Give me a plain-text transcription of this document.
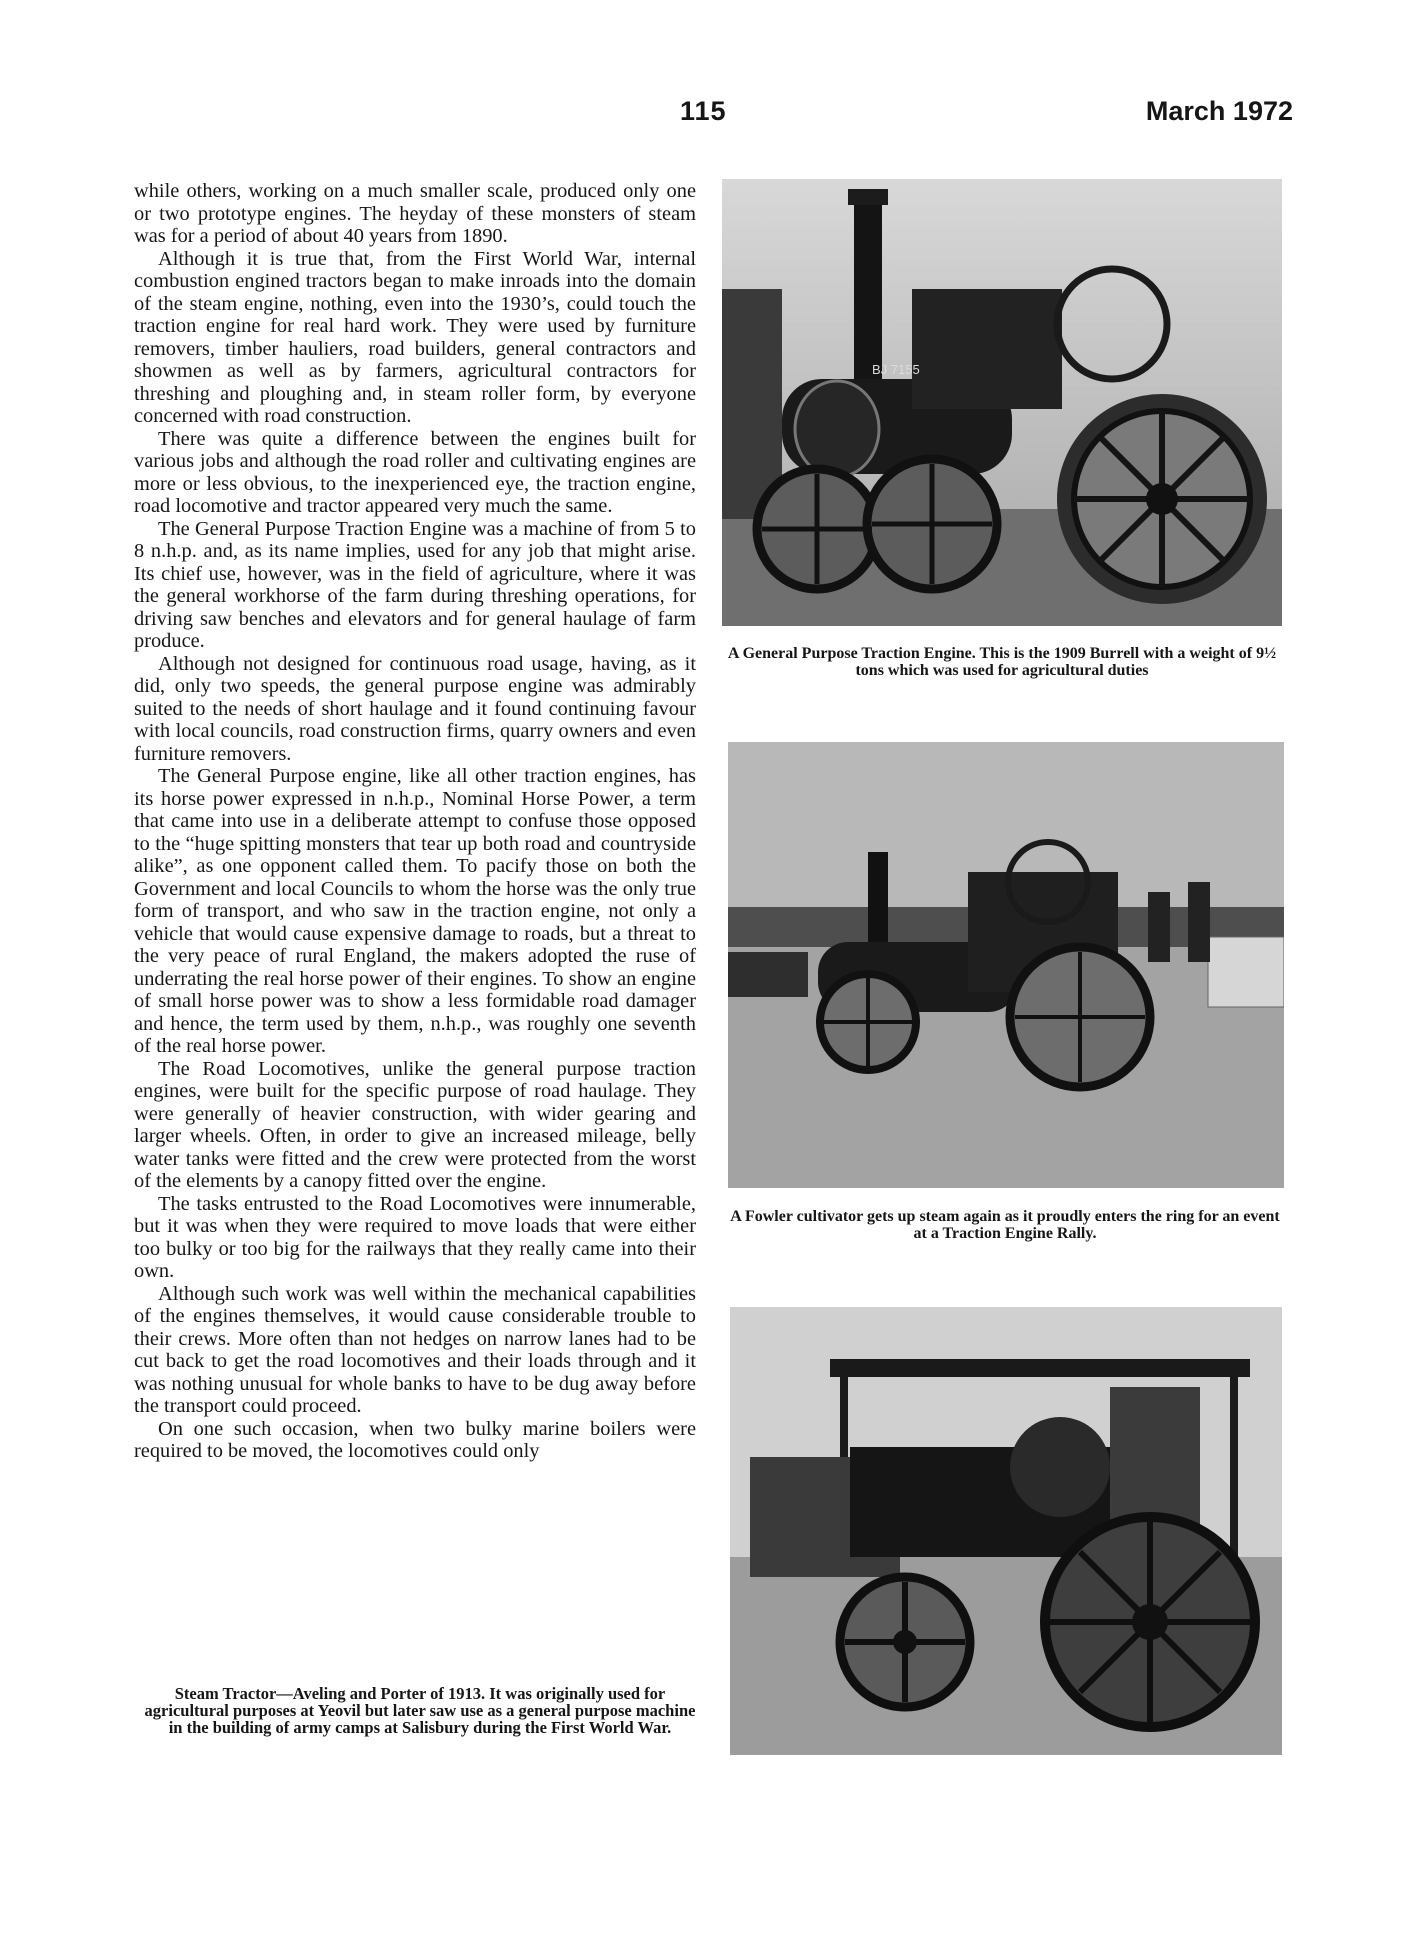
115	March 1972

while others, working on a much smaller scale, produced only one or two prototype engines. The heyday of these monsters of steam was for a period of about 40 years from 1890.

Although it is true that, from the First World War, internal combustion engined tractors began to make inroads into the domain of the steam engine, nothing, even into the 1930’s, could touch the traction engine for real hard work. They were used by furniture removers, timber hauliers, road builders, general contractors and showmen as well as by farmers, agricultural contractors for threshing and ploughing and, in steam roller form, by everyone concerned with road construction.

There was quite a difference between the engines built for various jobs and although the road roller and cultivating engines are more or less obvious, to the inexperienced eye, the traction engine, road locomotive and tractor appeared very much the same.

The General Purpose Traction Engine was a machine of from 5 to 8 n.h.p. and, as its name implies, used for any job that might arise. Its chief use, however, was in the field of agriculture, where it was the general workhorse of the farm during threshing operations, for driving saw benches and elevators and for general haulage of farm produce.

Although not designed for continuous road usage, having, as it did, only two speeds, the general purpose engine was admirably suited to the needs of short haulage and it found continuing favour with local councils, road construction firms, quarry owners and even furniture removers.

The General Purpose engine, like all other traction engines, has its horse power expressed in n.h.p., Nominal Horse Power, a term that came into use in a deliberate attempt to confuse those opposed to the “huge spitting monsters that tear up both road and countryside alike”, as one opponent called them. To pacify those on both the Government and local Councils to whom the horse was the only true form of transport, and who saw in the traction engine, not only a vehicle that would cause expensive damage to roads, but a threat to the very peace of rural England, the makers adopted the ruse of underrating the real horse power of their engines. To show an engine of small horse power was to show a less formidable road damager and hence, the term used by them, n.h.p., was roughly one seventh of the real horse power.

The Road Locomotives, unlike the general purpose traction engines, were built for the specific purpose of road haulage. They were generally of heavier construction, with wider gearing and larger wheels. Often, in order to give an increased mileage, belly water tanks were fitted and the crew were protected from the worst of the elements by a canopy fitted over the engine.

The tasks entrusted to the Road Locomotives were innumerable, but it was when they were required to move loads that were either too bulky or too big for the railways that they really came into their own.

Although such work was well within the mechanical capabilities of the engines themselves, it would cause considerable trouble to their crews. More often than not hedges on narrow lanes had to be cut back to get the road locomotives and their loads through and it was nothing unusual for whole banks to have to be dug away before the transport could proceed.

On one such occasion, when two bulky marine boilers were required to be moved, the locomotives could only

BJ 7155
A General Purpose Traction Engine. This is the 1909 Burrell with a weight of 9½ tons which was used for agricultural duties
A Fowler cultivator gets up steam again as it proudly enters the ring for an event at a Traction Engine Rally.
Steam Tractor—Aveling and Porter of 1913. It was originally used for agricultural purposes at Yeovil but later saw use as a general purpose machine in the building of army camps at Salisbury during the First World War.
